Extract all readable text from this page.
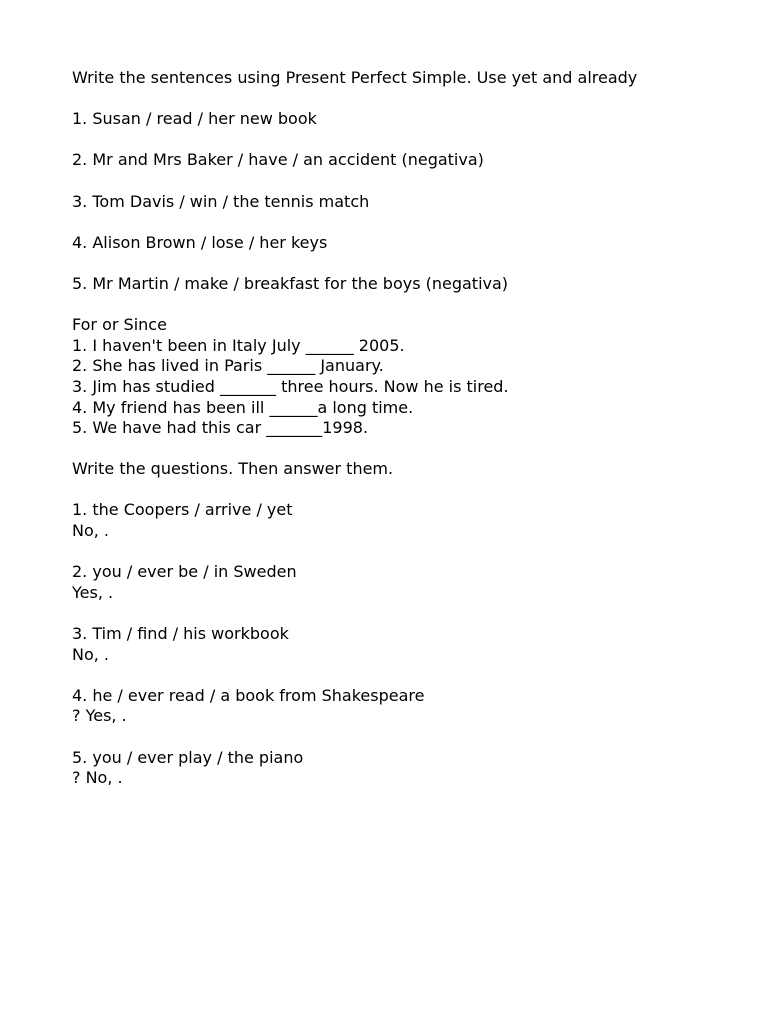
Write the sentences using Present Perfect Simple. Use yet and already
1. Susan / read / her new book
2. Mr and Mrs Baker / have / an accident (negativa)
3. Tom Davis / win / the tennis match
4. Alison Brown / lose / her keys
5. Mr Martin / make / breakfast for the boys (negativa)
For or Since
1. I haven't been in Italy July ______ 2005.
2. She has lived in Paris ______ January.
3. Jim has studied _______ three hours. Now he is tired.
4. My friend has been ill ______a long time.
5. We have had this car _______1998.
Write the questions. Then answer them.
1. the Coopers / arrive / yet
No, .
2. you / ever be / in Sweden
Yes, .
3. Tim / find / his workbook
No, .
4. he / ever read / a book from Shakespeare
? Yes, .
5. you / ever play / the piano
? No, .
